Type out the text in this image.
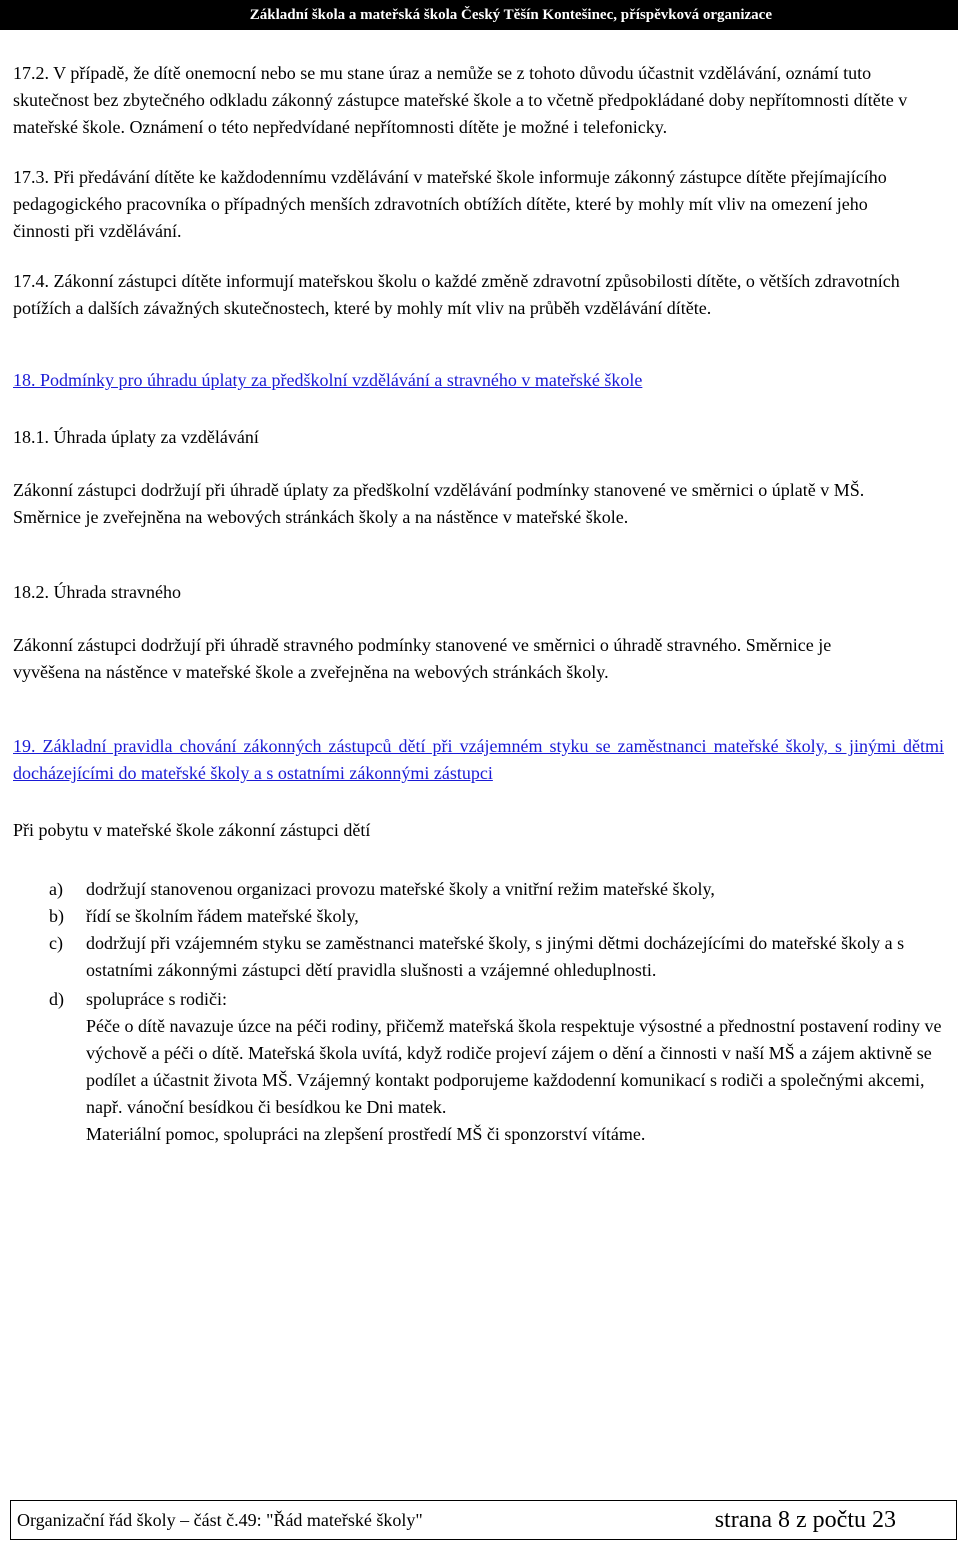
Základní škola a mateřská škola Český Těšín Kontešinec, příspěvková organizace

17.2. V případě, že dítě onemocní nebo se mu stane úraz a nemůže se z tohoto důvodu účastnit vzdělávání, oznámí tuto skutečnost bez zbytečného odkladu zákonný zástupce mateřské škole a to včetně předpokládané doby nepřítomnosti dítěte v mateřské škole. Oznámení o této nepředvídané nepřítomnosti dítěte je možné i telefonicky.

17.3. Při předávání dítěte ke každodennímu vzdělávání v mateřské škole informuje zákonný zástupce dítěte přejímajícího pedagogického pracovníka o případných menších zdravotních obtížích dítěte, které by mohly mít vliv na omezení jeho činnosti při vzdělávání.

17.4. Zákonní zástupci dítěte informují mateřskou školu o každé změně zdravotní způsobilosti dítěte, o větších zdravotních potížích a dalších závažných skutečnostech, které by mohly mít vliv na průběh vzdělávání dítěte.

18. Podmínky pro úhradu úplaty za předškolní vzdělávání a stravného v mateřské škole

18.1. Úhrada úplaty za vzdělávání

Zákonní zástupci dodržují při úhradě úplaty za předškolní vzdělávání podmínky stanovené ve směrnici o úplatě v MŠ. Směrnice je zveřejněna na webových stránkách školy a na nástěnce v mateřské škole.

18.2. Úhrada stravného

Zákonní zástupci dodržují při úhradě stravného podmínky stanovené ve směrnici o úhradě stravného. Směrnice je vyvěšena na nástěnce v mateřské škole a zveřejněna na webových stránkách školy.

19. Základní pravidla chování zákonných zástupců dětí při vzájemném styku se zaměstnanci mateřské školy, s jinými dětmi docházejícími do mateřské školy a s ostatními zákonnými zástupci

Při pobytu v mateřské škole zákonní zástupci dětí

a)	dodržují stanovenou organizaci provozu mateřské školy a vnitřní režim mateřské školy,
b)	řídí se školním řádem mateřské školy,
c)	dodržují při vzájemném styku se zaměstnanci mateřské školy, s jinými dětmi docházejícími do mateřské školy a s ostatními zákonnými zástupci dětí pravidla slušnosti a vzájemné ohleduplnosti.
d)	spolupráce s rodiči:
Péče o dítě navazuje úzce na péči rodiny, přičemž mateřská škola respektuje výsostné a přednostní postavení rodiny ve výchově a péči o dítě. Mateřská škola uvítá, když rodiče projeví zájem o dění a činnosti v naší MŠ a zájem aktivně se podílet a účastnit života MŠ. Vzájemný kontakt podporujeme každodenní komunikací s rodiči a společnými akcemi, např. vánoční besídkou či besídkou ke Dni matek.
Materiální pomoc, spolupráci na zlepšení prostředí MŠ či sponzorství vítáme.
Organizační řád školy – část č.49: "Řád mateřské školy"	strana 8 z počtu 23
